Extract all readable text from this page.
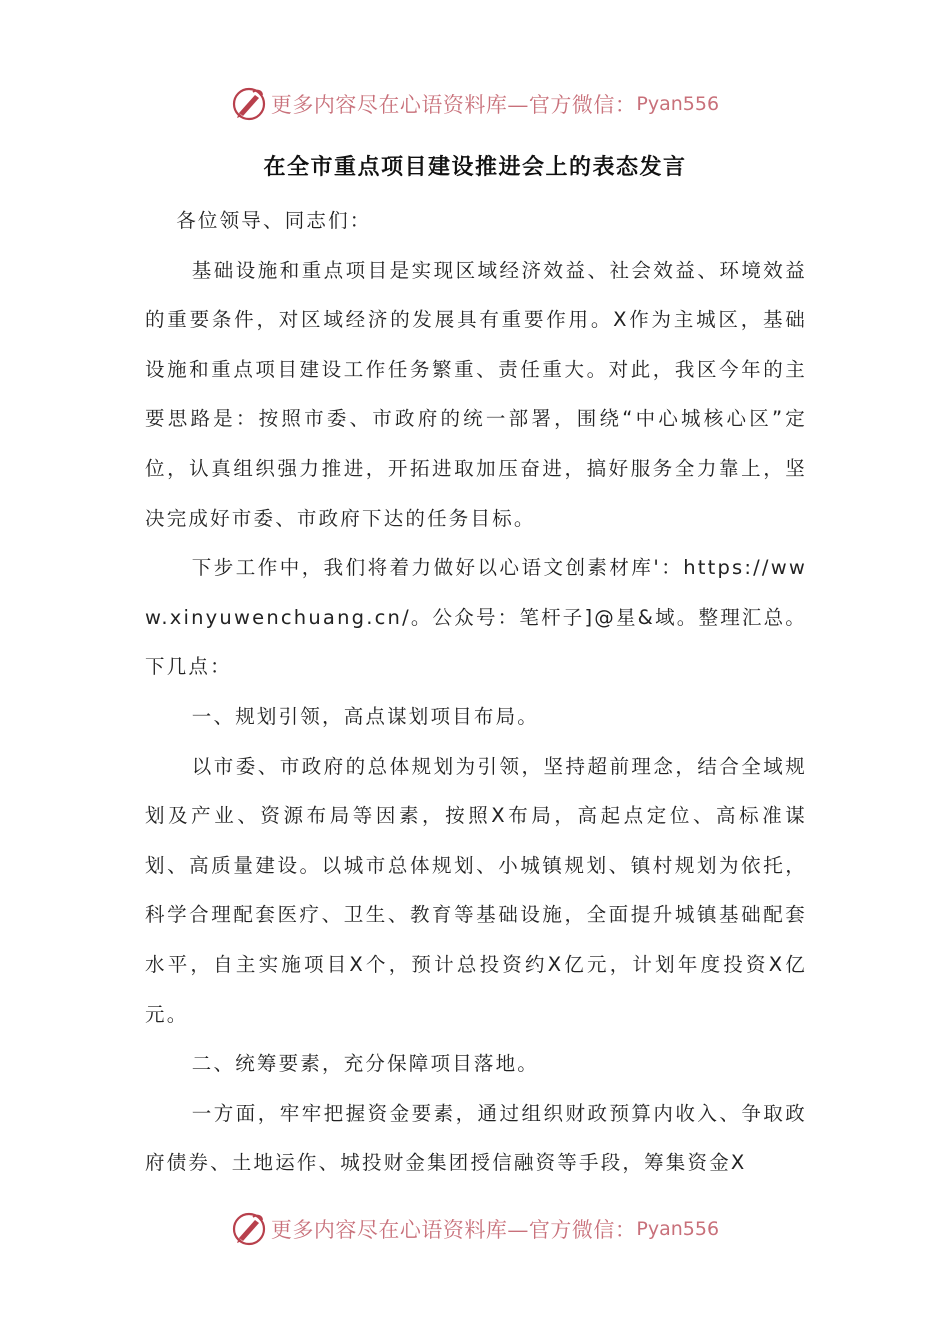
更多内容尽在心语资料库—官方微信： Pyan556
在全市重点项目建设推进会上的表态发言

各位领导、同志们：

基础设施和重点项目是实现区域经济效益、社会效益、环境效益的重要条件，对区域经济的发展具有重要作用。X作为主城区，基础设施和重点项目建设工作任务繁重、责任重大。对此，我区今年的主要思路是：按照市委、市政府的统一部署，围绕“中心城核心区”定位，认真组织强力推进，开拓进取加压奋进，搞好服务全力靠上，坚决完成好市委、市政府下达的任务目标。

下步工作中，我们将着力做好以心语文创素材库'：https://www.xinyuwenchuang.cn/。公众号：笔杆子]@星&域。整理汇总。下几点：

一、规划引领，高点谋划项目布局。

以市委、市政府的总体规划为引领，坚持超前理念，结合全域规划及产业、资源布局等因素，按照X布局，高起点定位、高标准谋划、高质量建设。以城市总体规划、小城镇规划、镇村规划为依托，科学合理配套医疗、卫生、教育等基础设施，全面提升城镇基础配套水平，自主实施项目X个，预计总投资约X亿元，计划年度投资X亿元。

二、统筹要素，充分保障项目落地。

一方面，牢牢把握资金要素，通过组织财政预算内收入、争取政府债券、土地运作、城投财金集团授信融资等手段，筹集资金X

更多内容尽在心语资料库—官方微信： Pyan556
